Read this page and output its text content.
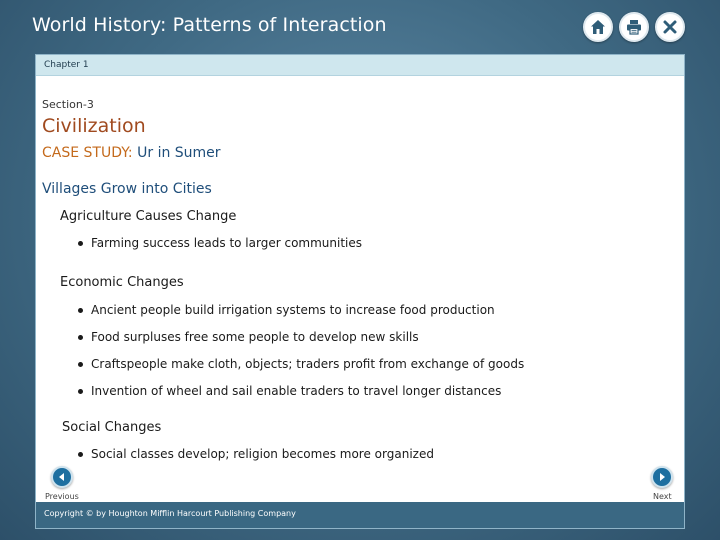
World History: Patterns of Interaction
Chapter 1
Section-3
Civilization
CASE STUDY: Ur in Sumer
Villages Grow into Cities
Agriculture Causes Change
Farming success leads to larger communities
Economic Changes
Ancient people build irrigation systems to increase food production
Food surpluses free some people to develop new skills
Craftspeople make cloth, objects; traders profit from exchange of goods
Invention of wheel and sail enable traders to travel longer distances
Social Changes
Social classes develop; religion becomes more organized
Previous	Next
Copyright © by Houghton Mifflin Harcourt Publishing Company
